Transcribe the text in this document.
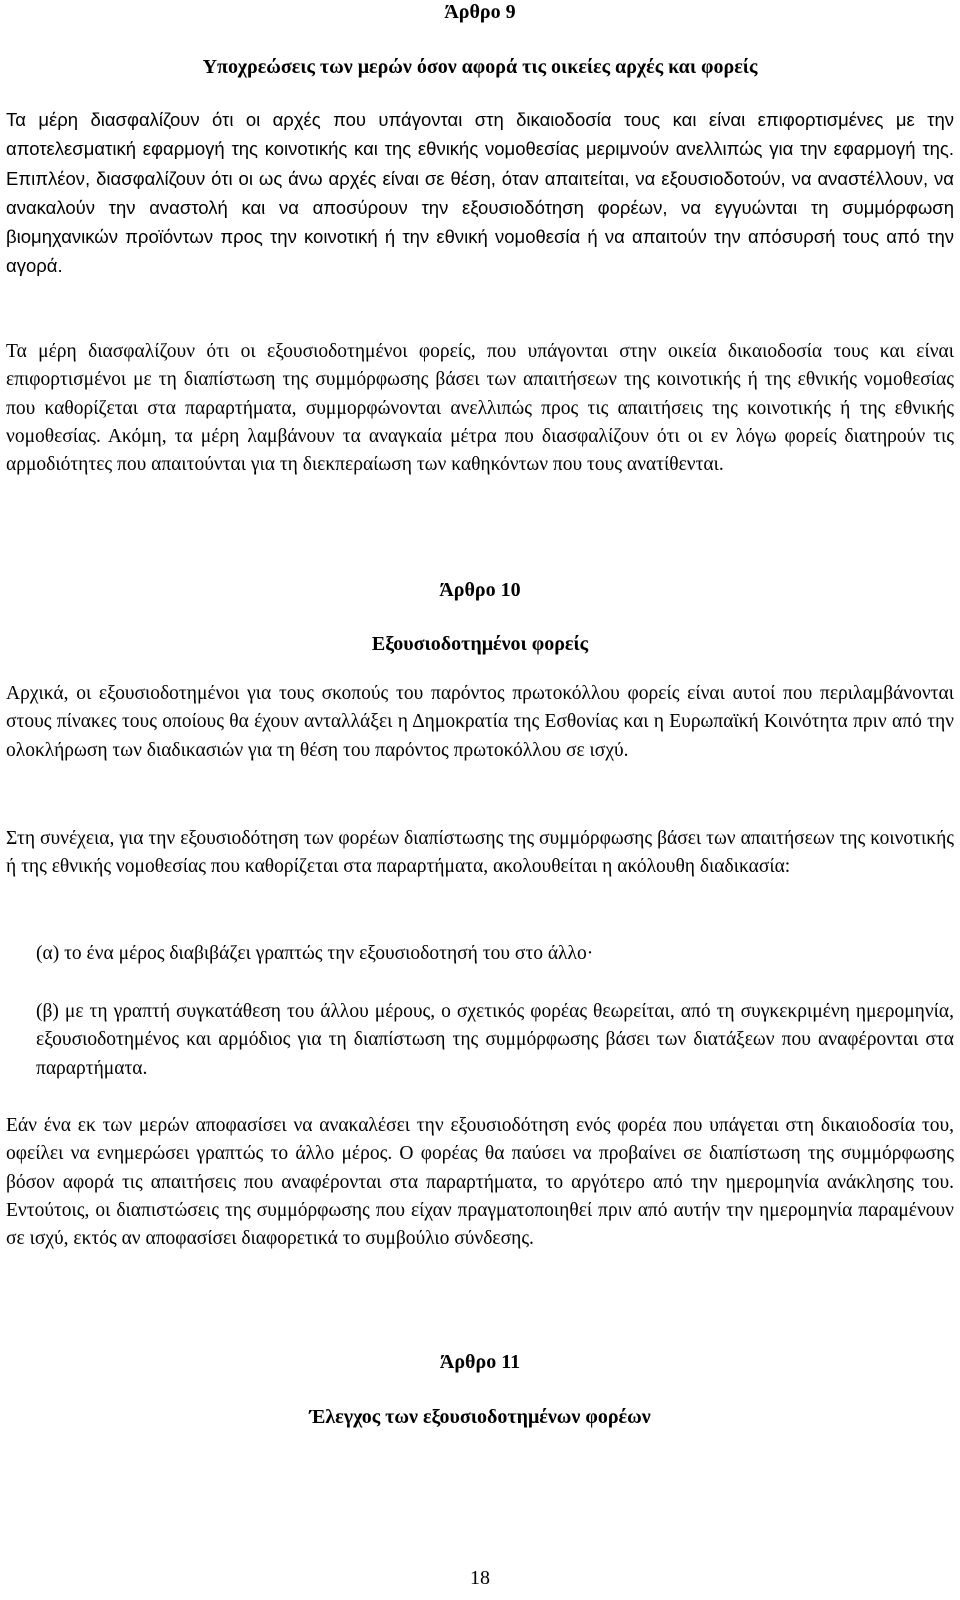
Άρθρο 9
Υποχρεώσεις των μερών όσον αφορά τις οικείες αρχές και φορείς

Τα μέρη διασφαλίζουν ότι οι αρχές που υπάγονται στη δικαιοδοσία τους και είναι επιφορτισμένες με την αποτελεσματική εφαρμογή της κοινοτικής και της εθνικής νομοθεσίας μεριμνούν ανελλιπώς για την εφαρμογή της. Επιπλέον, διασφαλίζουν ότι οι ως άνω αρχές είναι σε θέση, όταν απαιτείται, να εξουσιοδοτούν, να αναστέλλουν, να ανακαλούν την αναστολή και να αποσύρουν την εξουσιοδότηση φορέων, να εγγυώνται τη συμμόρφωση βιομηχανικών προϊόντων προς την κοινοτική ή την εθνική νομοθεσία ή να απαιτούν την απόσυρσή τους από την αγορά.

Τα μέρη διασφαλίζουν ότι οι εξουσιοδοτημένοι φορείς, που υπάγονται στην οικεία δικαιοδοσία τους και είναι επιφορτισμένοι με τη διαπίστωση της συμμόρφωσης βάσει των απαιτήσεων της κοινοτικής ή της εθνικής νομοθεσίας που καθορίζεται στα παραρτήματα, συμμορφώνονται ανελλιπώς προς τις απαιτήσεις της κοινοτικής ή της εθνικής νομοθεσίας. Ακόμη, τα μέρη λαμβάνουν τα αναγκαία μέτρα που διασφαλίζουν ότι οι εν λόγω φορείς διατηρούν τις αρμοδιότητες που απαιτούνται για τη διεκπεραίωση των καθηκόντων που τους ανατίθενται.

Άρθρο 10
Εξουσιοδοτημένοι φορείς

Αρχικά, οι εξουσιοδοτημένοι για τους σκοπούς του παρόντος πρωτοκόλλου φορείς είναι αυτοί που περιλαμβάνονται στους πίνακες τους οποίους θα έχουν ανταλλάξει η Δημοκρατία της Εσθονίας και η Ευρωπαϊκή Κοινότητα πριν από την ολοκλήρωση των διαδικασιών για τη θέση του παρόντος πρωτοκόλλου σε ισχύ.

Στη συνέχεια, για την εξουσιοδότηση των φορέων διαπίστωσης της συμμόρφωσης βάσει των απαιτήσεων της κοινοτικής ή της εθνικής νομοθεσίας που καθορίζεται στα παραρτήματα, ακολουθείται η ακόλουθη διαδικασία:

(α) το ένα μέρος διαβιβάζει γραπτώς την εξουσιοδοτησή του στο άλλο·

(β) με τη γραπτή συγκατάθεση του άλλου μέρους, ο σχετικός φορέας θεωρείται, από τη συγκεκριμένη ημερομηνία, εξουσιοδοτημένος και αρμόδιος για τη διαπίστωση της συμμόρφωσης βάσει των διατάξεων που αναφέρονται στα παραρτήματα.

Εάν ένα εκ των μερών αποφασίσει να ανακαλέσει την εξουσιοδότηση ενός φορέα που υπάγεται στη δικαιοδοσία του, οφείλει να ενημερώσει γραπτώς το άλλο μέρος. Ο φορέας θα παύσει να προβαίνει σε διαπίστωση της συμμόρφωσης βόσον αφορά τις απαιτήσεις που αναφέρονται στα παραρτήματα, το αργότερο από την ημερομηνία ανάκλησης του. Εντούτοις, οι διαπιστώσεις της συμμόρφωσης που είχαν πραγματοποιηθεί πριν από αυτήν την ημερομηνία παραμένουν σε ισχύ, εκτός αν αποφασίσει διαφορετικά το συμβούλιο σύνδεσης.

Άρθρο 11
Έλεγχος των εξουσιοδοτημένων φορέων
18
